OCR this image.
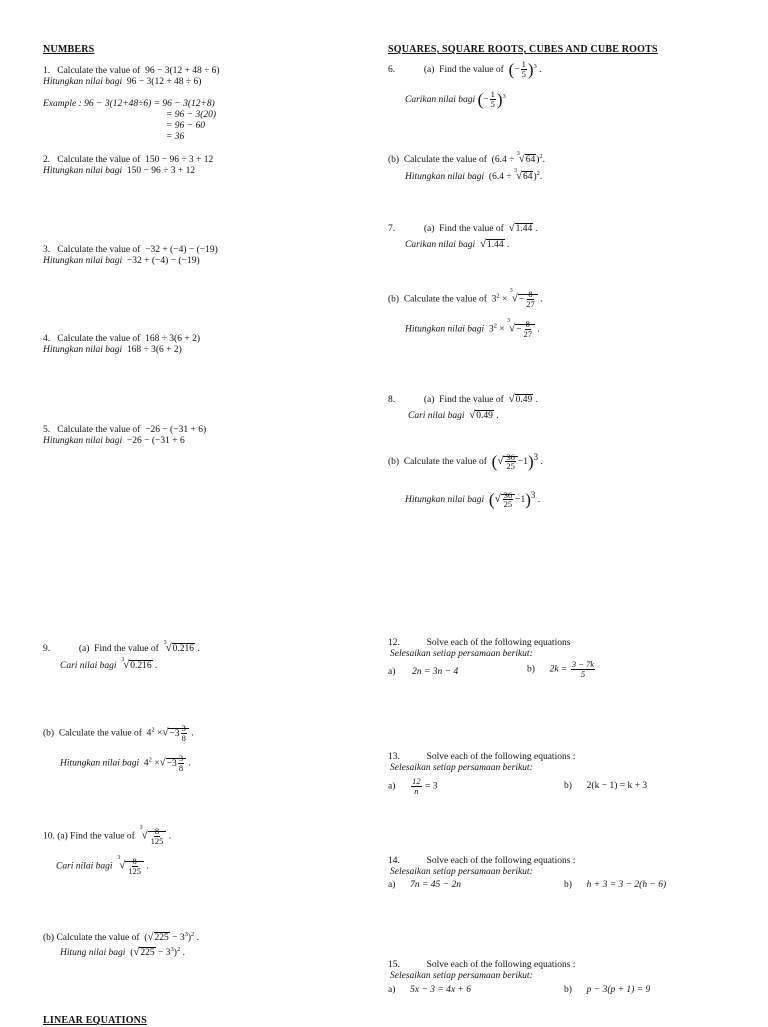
NUMBERS
1. Calculate the value of 96 − 3(12 + 48 ÷ 6)
Hitungkan nilai bagi 96 − 3(12 + 48 ÷ 6)
Example : 96 − 3(12+48÷6) = 96 − 3(12+8)
= 96 − 3(20)
= 96 − 60
= 36
2. Calculate the value of 150 − 96 ÷ 3 + 12
Hitungkan nilai bagi 150 − 96 ÷ 3 + 12
3. Calculate the value of −32 + (−4) − (−19)
Hitungkan nilai bagi −32 + (−4) − (−19)
4. Calculate the value of 168 ÷ 3(6 + 2)
Hitungkan nilai bagi 168 ÷ 3(6 + 2)
5. Calculate the value of −26 − (−31 + 6)
Hitungkan nilai bagi −26 − (−31 + 6
SQUARES, SQUARE ROOTS, CUBES AND CUBE ROOTS
6.	(a) Find the value of (− $\frac{1}{5} )^3$ .
Carikan nilai bagi (− $\frac{1}{5} )^3$
(b) Calculate the value of $(6.4 \div ^3√64)^2$.
Hitungkan nilai bagi $(6.4 \div ^3√64)^2$.
7.	(a) Find the value of √1.44 .
Carikan nilai bagi √1.44 .
(b) Calculate the value of $3^2 \times ^3√- \frac{8}{27}$ .
Hitungkan nilai bagi $3^2 \times ^3√- \frac{8}{27}$ .
8.	(a) Find the value of √0.49 .
Cari nilai bagi √0.49 .
(b) Calculate the value of (√ $\frac{36}{25} -1)3$ .
Hitungkan nilai bagi (√ $\frac{36}{25} -1)3$ .
9.	(a) Find the value of  $^3$√0.216 .
Cari nilai bagi  $^3$√0.216 .
(b) Calculate the value of $4^2 \times√-3 \frac{3}{8}$ .
Hitungkan nilai bagi $4^2 \times√-3 \frac{3}{8}$ .
10. (a) Find the value of  $^3√ \frac{8}{125}$ .
Cari nilai bagi  $^3√ \frac{8}{125}$ .
(b) Calculate the value of $(√225 - 3^3)^2$ .
Hitung nilai bagi $(√225 - 3^3)^2$ .
LINEAR EQUATIONS
12.	Solve each of the following equations
Selesaikan setiap persamaan berikut:
a) 2n = 3n − 4	b) $2k = \frac{3 - 7k}{5}$
13.	Solve each of the following equations :
Selesaikan setiap persamaan berikut:
$a) \frac{12}{n} = 3$	b) 2(k − 1) = k + 3
14.	Solve each of the following equations :
Selesaikan setiap persamaan berikut:
a) 7n = 45 − 2n	b) h + 3 = 3 − 2(h − 6)
15.	Solve each of the following equations :
Selesaikan setiap persamaan berikut:
a) 5x − 3 = 4x + 6	b) p − 3(p + 1) = 9
